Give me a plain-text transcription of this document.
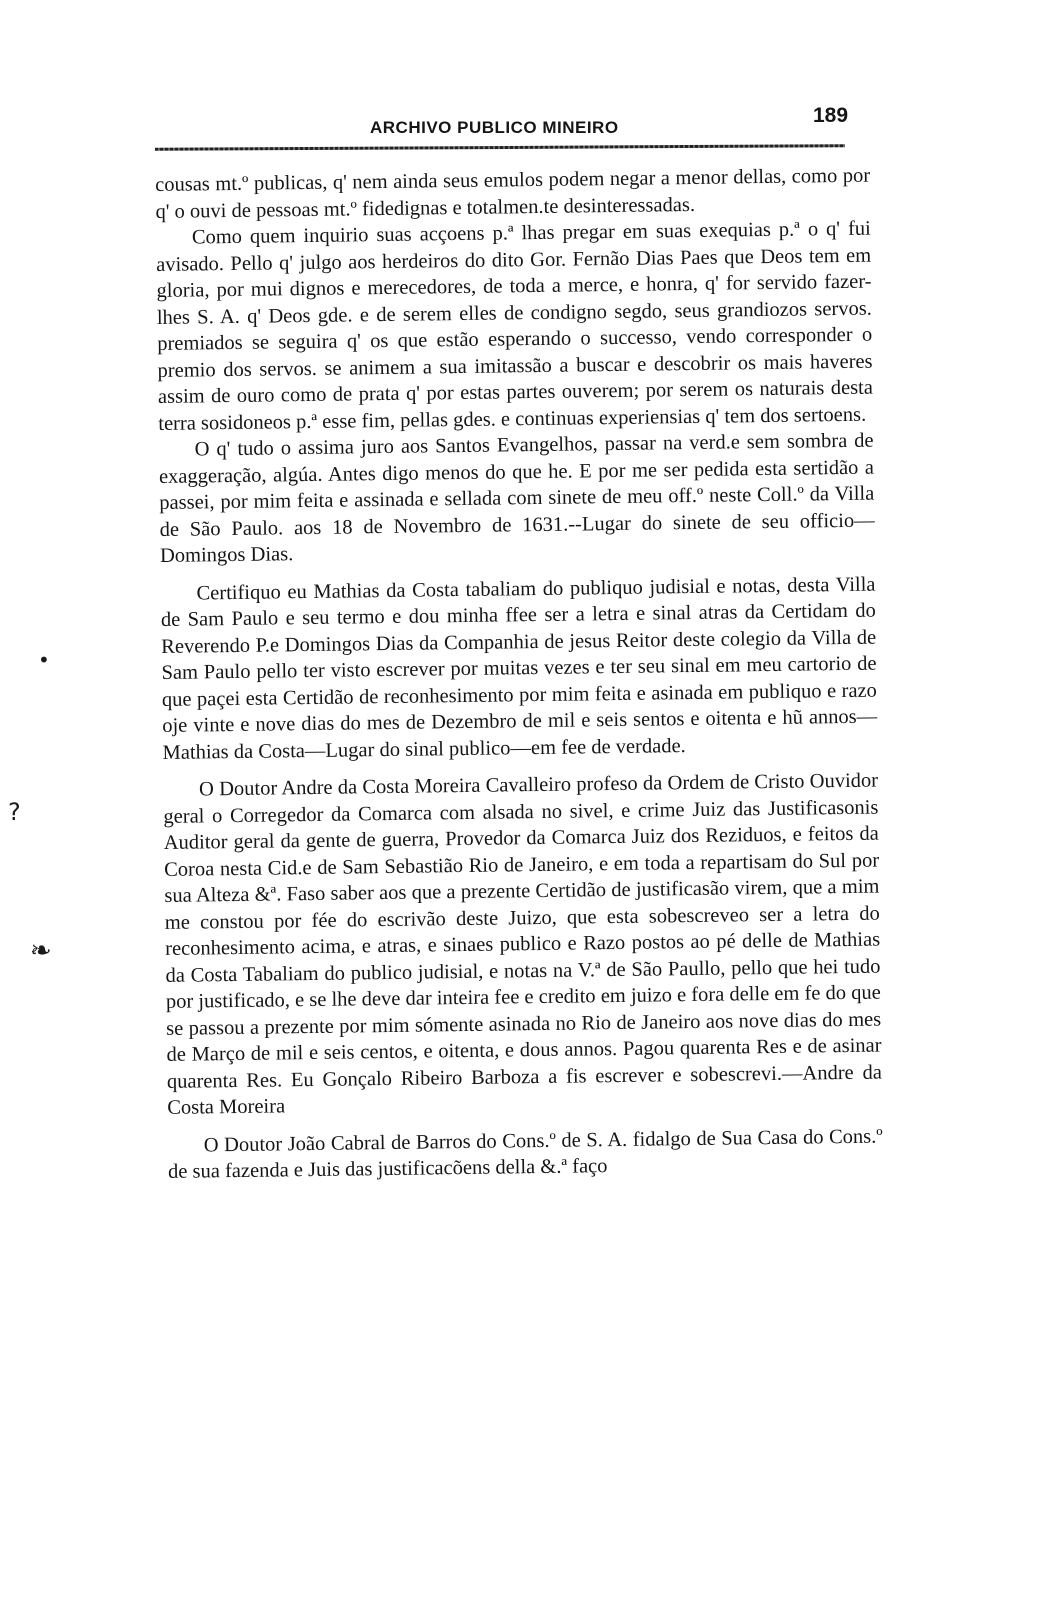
ARCHIVO PUBLICO MINEIRO
189

cousas mt.º publicas, q' nem ainda seus emulos podem negar a menor dellas, como por q' o ouvi de pessoas mt.º fidedignas e totalmen.te desinteressadas.

Como quem inquirio suas acçoens p.ª lhas pregar em suas exequias p.ª o q' fui avisado. Pello q' julgo aos herdeiros do dito Gor. Fernão Dias Paes que Deos tem em gloria, por mui dignos e merecedores, de toda a merce, e honra, q' for servido fazer-lhes S. A. q' Deos gde. e de serem elles de condigno segdo, seus grandiozos servos. premiados se seguira q' os que estão esperando o successo, vendo corresponder o premio dos servos. se animem a sua imitassão a buscar e descobrir os mais haveres assim de ouro como de prata q' por estas partes ouverem; por serem os naturais desta terra sosidoneos p.ª esse fim, pellas gdes. e continuas experiensias q' tem dos sertoens.

O q' tudo o assima juro aos Santos Evangelhos, passar na verd.e sem sombra de exaggeração, algúa. Antes digo menos do que he. E por me ser pedida esta sertidão a passei, por mim feita e assinada e sellada com sinete de meu off.º neste Coll.º da Villa de São Paulo. aos 18 de Novembro de 1631.--Lugar do sinete de seu officio—Domingos Dias.

Certifiquo eu Mathias da Costa tabaliam do publiquo judisial e notas, desta Villa de Sam Paulo e seu termo e dou minha ffee ser a letra e sinal atras da Certidam do Reverendo P.e Domingos Dias da Companhia de jesus Reitor deste colegio da Villa de Sam Paulo pello ter visto escrever por muitas vezes e ter seu sinal em meu cartorio de que paçei esta Certidão de reconhesimento por mim feita e asinada em publiquo e razo oje vinte e nove dias do mes de Dezembro de mil e seis sentos e oitenta e hũ annos—Mathias da Costa—Lugar do sinal publico—em fee de verdade.

O Doutor Andre da Costa Moreira Cavalleiro profeso da Ordem de Cristo Ouvidor geral o Corregedor da Comarca com alsada no sivel, e crime Juiz das Justificasonis Auditor geral da gente de guerra, Provedor da Comarca Juiz dos Reziduos, e feitos da Coroa nesta Cid.e de Sam Sebastião Rio de Janeiro, e em toda a repartisam do Sul por sua Alteza &ª. Faso saber aos que a prezente Certidão de justificasão virem, que a mim me constou por fée do escrivão deste Juizo, que esta sobescreveo ser a letra do reconhesimento acima, e atras, e sinaes publico e Razo postos ao pé delle de Mathias da Costa Tabaliam do publico judisial, e notas na V.ª de São Paullo, pello que hei tudo por justificado, e se lhe deve dar inteira fee e credito em juizo e fora delle em fe do que se passou a prezente por mim sómente asinada no Rio de Janeiro aos nove dias do mes de Março de mil e seis centos, e oitenta, e dous annos. Pagou quarenta Res e de asinar quarenta Res. Eu Gonçalo Ribeiro Barboza a fis escrever e sobescrevi.—Andre da Costa Moreira

O Doutor João Cabral de Barros do Cons.º de S. A. fidalgo de Sua Casa do Cons.º de sua fazenda e Juis das justificacõens della &.ª faço

•
?
❧
